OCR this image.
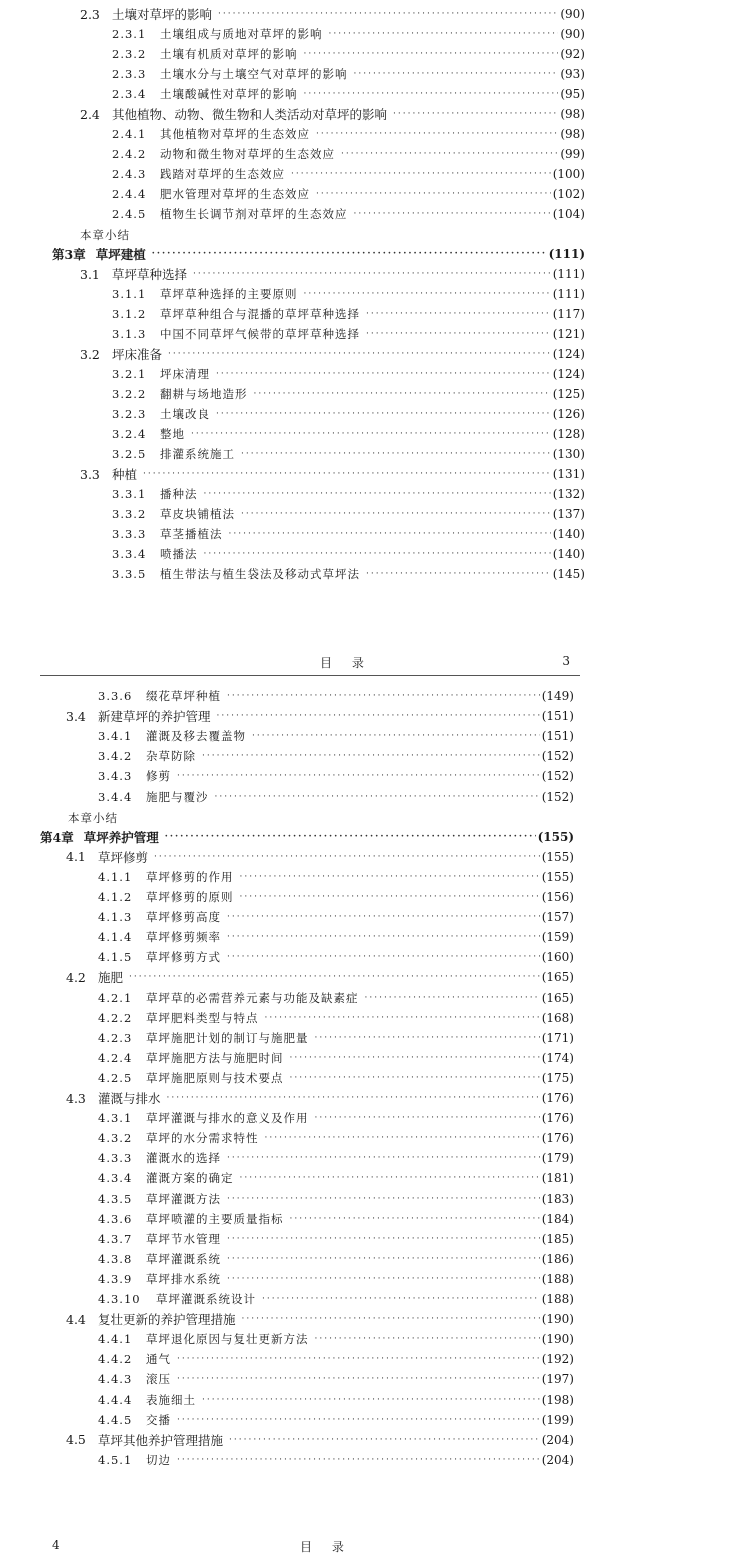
2.3 土壤对草坪的影响 ·····	(90)
2.3.1	土壤组成与质地对草坪的影响 ·····	(90)
2.3.2	土壤有机质对草坪的影响 ·····	(92)
2.3.3	土壤水分与土壤空气对草坪的影响 ·····	(93)
2.3.4	土壤酸碱性对草坪的影响 ·····	(95)
2.4 其他植物、动物、微生物和人类活动对草坪的影响 ·····	(98)
2.4.1	其他植物对草坪的生态效应 ·····	(98)
2.4.2	动物和微生物对草坪的生态效应 ·····	(99)
2.4.3	践踏对草坪的生态效应 ·····	(100)
2.4.4	肥水管理对草坪的生态效应 ·····	(102)
2.4.5	植物生长调节剂对草坪的生态效应 ·····	(104)
本章小结
第3章 草坪建植 ·····	(111)
3.1 草坪草种选择 ·····	(111)
3.1.1	草坪草种选择的主要原则 ·····	(111)
3.1.2	草坪草种组合与混播的草坪草种选择 ·····	(117)
3.1.3	中国不同草坪气候带的草坪草种选择 ·····	(121)
3.2 坪床准备 ·····	(124)
3.2.1	坪床清理 ·····	(124)
3.2.2	翻耕与场地造形 ·····	(125)
3.2.3	土壤改良 ·····	(126)
3.2.4	整地 ·····	(128)
3.2.5	排灌系统施工 ·····	(130)
3.3 种植 ·····	(131)
3.3.1	播种法 ·····	(132)
3.3.2	草皮块铺植法 ·····	(137)
3.3.3	草茎播植法 ·····	(140)
3.3.4	喷播法 ·····	(140)
3.3.5	植生带法与植生袋法及移动式草坪法 ·····	(145)
目 录	3
3.3.6	缀花草坪种植 ·····	(149)
3.4 新建草坪的养护管理 ·····	(151)
3.4.1	灌溉及移去覆盖物 ·····	(151)
3.4.2	杂草防除 ·····	(152)
3.4.3	修剪 ·····	(152)
3.4.4	施肥与覆沙 ·····	(152)
本章小结
第4章 草坪养护管理 ·····	(155)
4.1 草坪修剪 ·····	(155)
4.1.1	草坪修剪的作用 ·····	(155)
4.1.2	草坪修剪的原则 ·····	(156)
4.1.3	草坪修剪高度 ·····	(157)
4.1.4	草坪修剪频率 ·····	(159)
4.1.5	草坪修剪方式 ·····	(160)
4.2 施肥 ·····	(165)
4.2.1	草坪草的必需营养元素与功能及缺素症 ·····	(165)
4.2.2	草坪肥料类型与特点 ·····	(168)
4.2.3	草坪施肥计划的制订与施肥量 ·····	(171)
4.2.4	草坪施肥方法与施肥时间 ·····	(174)
4.2.5	草坪施肥原则与技术要点 ·····	(175)
4.3 灌溉与排水 ·····	(176)
4.3.1	草坪灌溉与排水的意义及作用 ·····	(176)
4.3.2	草坪的水分需求特性 ·····	(176)
4.3.3	灌溉水的选择 ·····	(179)
4.3.4	灌溉方案的确定 ·····	(181)
4.3.5	草坪灌溉方法 ·····	(183)
4.3.6	草坪喷灌的主要质量指标 ·····	(184)
4.3.7	草坪节水管理 ·····	(185)
4.3.8	草坪灌溉系统 ·····	(186)
4.3.9	草坪排水系统 ·····	(188)
4.3.10	草坪灌溉系统设计 ·····	(188)
4.4 复壮更新的养护管理措施 ·····	(190)
4.4.1	草坪退化原因与复壮更新方法 ·····	(190)
4.4.2	通气 ·····	(192)
4.4.3	滚压 ·····	(197)
4.4.4	表施细土 ·····	(198)
4.4.5	交播 ·····	(199)
4.5 草坪其他养护管理措施 ·····	(204)
4.5.1	切边 ·····	(204)
4	目 录
